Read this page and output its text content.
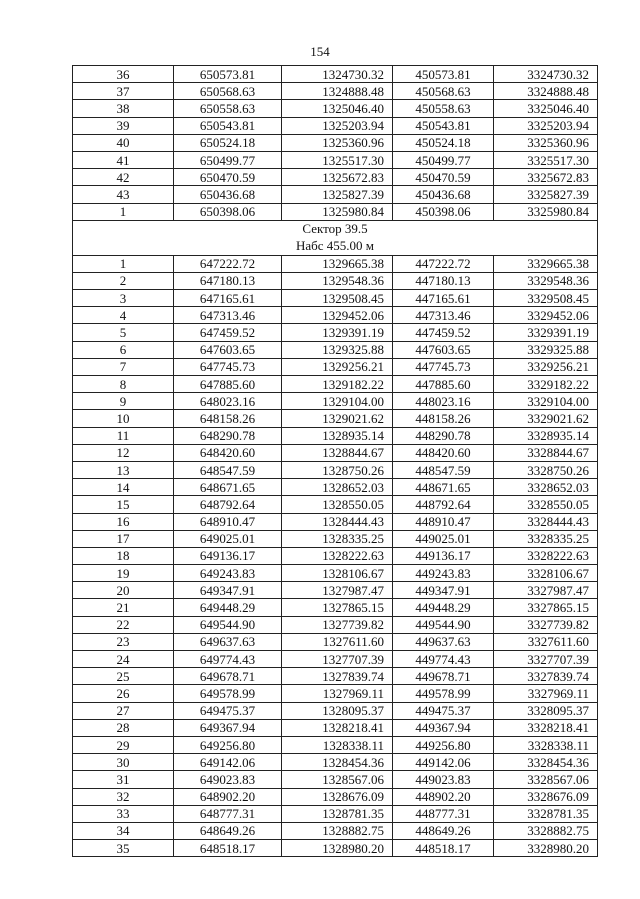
154
36	650573.81	1324730.32	450573.81	3324730.32
37	650568.63	1324888.48	450568.63	3324888.48
38	650558.63	1325046.40	450558.63	3325046.40
39	650543.81	1325203.94	450543.81	3325203.94
40	650524.18	1325360.96	450524.18	3325360.96
41	650499.77	1325517.30	450499.77	3325517.30
42	650470.59	1325672.83	450470.59	3325672.83
43	650436.68	1325827.39	450436.68	3325827.39
1	650398.06	1325980.84	450398.06	3325980.84

Сектор 39.5
Набс 455.00 м				

1	647222.72	1329665.38	447222.72	3329665.38
2	647180.13	1329548.36	447180.13	3329548.36
3	647165.61	1329508.45	447165.61	3329508.45
4	647313.46	1329452.06	447313.46	3329452.06
5	647459.52	1329391.19	447459.52	3329391.19
6	647603.65	1329325.88	447603.65	3329325.88
7	647745.73	1329256.21	447745.73	3329256.21
8	647885.60	1329182.22	447885.60	3329182.22
9	648023.16	1329104.00	448023.16	3329104.00
10	648158.26	1329021.62	448158.26	3329021.62
11	648290.78	1328935.14	448290.78	3328935.14
12	648420.60	1328844.67	448420.60	3328844.67
13	648547.59	1328750.26	448547.59	3328750.26
14	648671.65	1328652.03	448671.65	3328652.03
15	648792.64	1328550.05	448792.64	3328550.05
16	648910.47	1328444.43	448910.47	3328444.43
17	649025.01	1328335.25	449025.01	3328335.25
18	649136.17	1328222.63	449136.17	3328222.63
19	649243.83	1328106.67	449243.83	3328106.67
20	649347.91	1327987.47	449347.91	3327987.47
21	649448.29	1327865.15	449448.29	3327865.15
22	649544.90	1327739.82	449544.90	3327739.82
23	649637.63	1327611.60	449637.63	3327611.60
24	649774.43	1327707.39	449774.43	3327707.39
25	649678.71	1327839.74	449678.71	3327839.74
26	649578.99	1327969.11	449578.99	3327969.11
27	649475.37	1328095.37	449475.37	3328095.37
28	649367.94	1328218.41	449367.94	3328218.41
29	649256.80	1328338.11	449256.80	3328338.11
30	649142.06	1328454.36	449142.06	3328454.36
31	649023.83	1328567.06	449023.83	3328567.06
32	648902.20	1328676.09	448902.20	3328676.09
33	648777.31	1328781.35	448777.31	3328781.35
34	648649.26	1328882.75	448649.26	3328882.75
35	648518.17	1328980.20	448518.17	3328980.20
